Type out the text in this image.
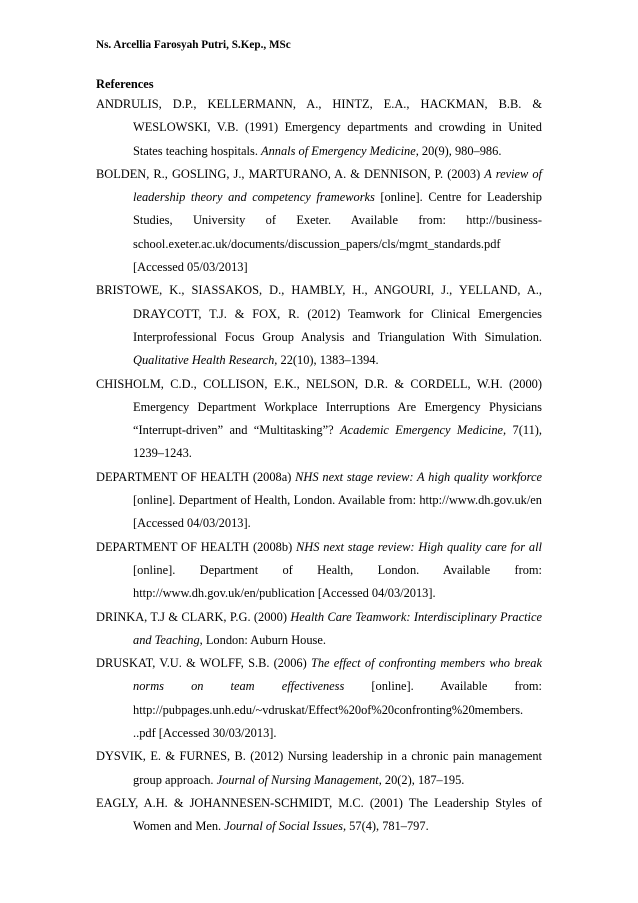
Ns. Arcellia Farosyah Putri, S.Kep., MSc

References

ANDRULIS, D.P., KELLERMANN, A., HINTZ, E.A., HACKMAN, B.B. & WESLOWSKI, V.B. (1991) Emergency departments and crowding in United States teaching hospitals. Annals of Emergency Medicine, 20(9), 980–986.

BOLDEN, R., GOSLING, J., MARTURANO, A. & DENNISON, P. (2003) A review of leadership theory and competency frameworks [online]. Centre for Leadership Studies, University of Exeter. Available from: http://business-school.exeter.ac.uk/documents/discussion_papers/cls/mgmt_standards.pdf [Accessed 05/03/2013]

BRISTOWE, K., SIASSAKOS, D., HAMBLY, H., ANGOURI, J., YELLAND, A., DRAYCOTT, T.J. & FOX, R. (2012) Teamwork for Clinical Emergencies Interprofessional Focus Group Analysis and Triangulation With Simulation. Qualitative Health Research, 22(10), 1383–1394.

CHISHOLM, C.D., COLLISON, E.K., NELSON, D.R. & CORDELL, W.H. (2000) Emergency Department Workplace Interruptions Are Emergency Physicians “Interrupt-driven” and “Multitasking”? Academic Emergency Medicine, 7(11), 1239–1243.

DEPARTMENT OF HEALTH (2008a) NHS next stage review: A high quality workforce [online]. Department of Health, London. Available from: http://www.dh.gov.uk/en [Accessed 04/03/2013].

DEPARTMENT OF HEALTH (2008b) NHS next stage review: High quality care for all [online]. Department of Health, London. Available from: http://www.dh.gov.uk/en/publication [Accessed 04/03/2013].

DRINKA, T.J & CLARK, P.G. (2000) Health Care Teamwork: Interdisciplinary Practice and Teaching, London: Auburn House.

DRUSKAT, V.U. & WOLFF, S.B. (2006) The effect of confronting members who break norms on team effectiveness [online]. Available from: http://pubpages.unh.edu/~vdruskat/Effect%20of%20confronting%20members. ..pdf [Accessed 30/03/2013].

DYSVIK, E. & FURNES, B. (2012) Nursing leadership in a chronic pain management group approach. Journal of Nursing Management, 20(2), 187–195.

EAGLY, A.H. & JOHANNESEN-SCHMIDT, M.C. (2001) The Leadership Styles of Women and Men. Journal of Social Issues, 57(4), 781–797.
